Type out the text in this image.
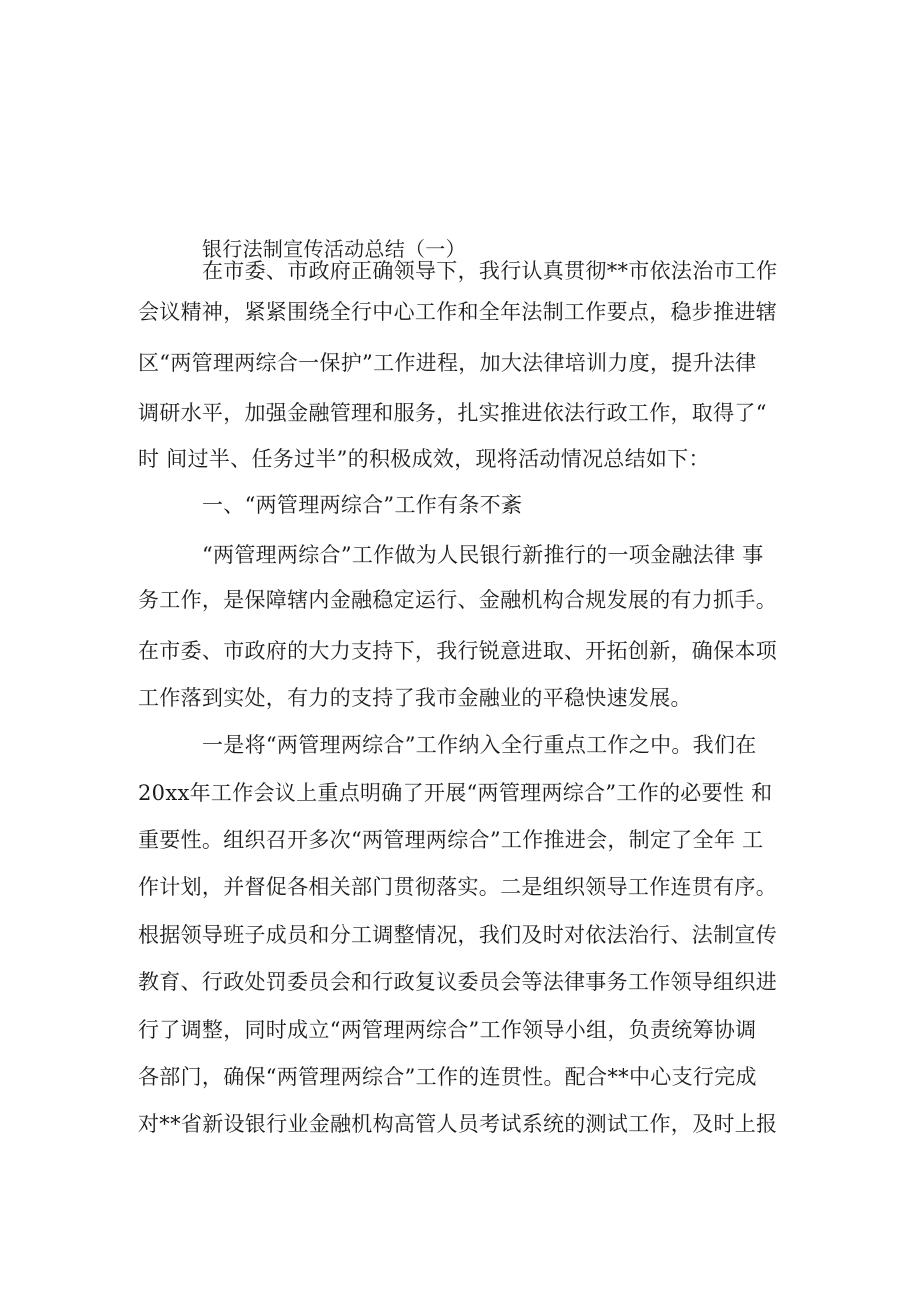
银行法制宣传活动总结（一）
在市委、市政府正确领导下，我行认真贯彻**市依法治市工作
会议精神，紧紧围绕全行中心工作和全年法制工作要点，稳步推进辖
区“两管理两综合一保护”工作进程，加大法律培训力度，提升法律
调研水平，加强金融管理和服务，扎实推进依法行政工作，取得了“
时 间过半、任务过半”的积极成效，现将活动情况总结如下：
一、“两管理两综合”工作有条不紊
“两管理两综合”工作做为人民银行新推行的一项金融法律 事
务工作，是保障辖内金融稳定运行、金融机构合规发展的有力抓手。
在市委、市政府的大力支持下，我行锐意进取、开拓创新，确保本项
工作落到实处，有力的支持了我市金融业的平稳快速发展。
一是将“两管理两综合”工作纳入全行重点工作之中。我们在
20xx年工作会议上重点明确了开展“两管理两综合”工作的必要性 和
重要性。组织召开多次“两管理两综合”工作推进会，制定了全年 工
作计划，并督促各相关部门贯彻落实。二是组织领导工作连贯有序。
根据领导班子成员和分工调整情况，我们及时对依法治行、法制宣传
教育、行政处罚委员会和行政复议委员会等法律事务工作领导组织进
行了调整，同时成立“两管理两综合”工作领导小组，负责统筹协调
各部门，确保“两管理两综合”工作的连贯性。配合**中心支行完成
对**省新设银行业金融机构高管人员考试系统的测试工作，及时上报
